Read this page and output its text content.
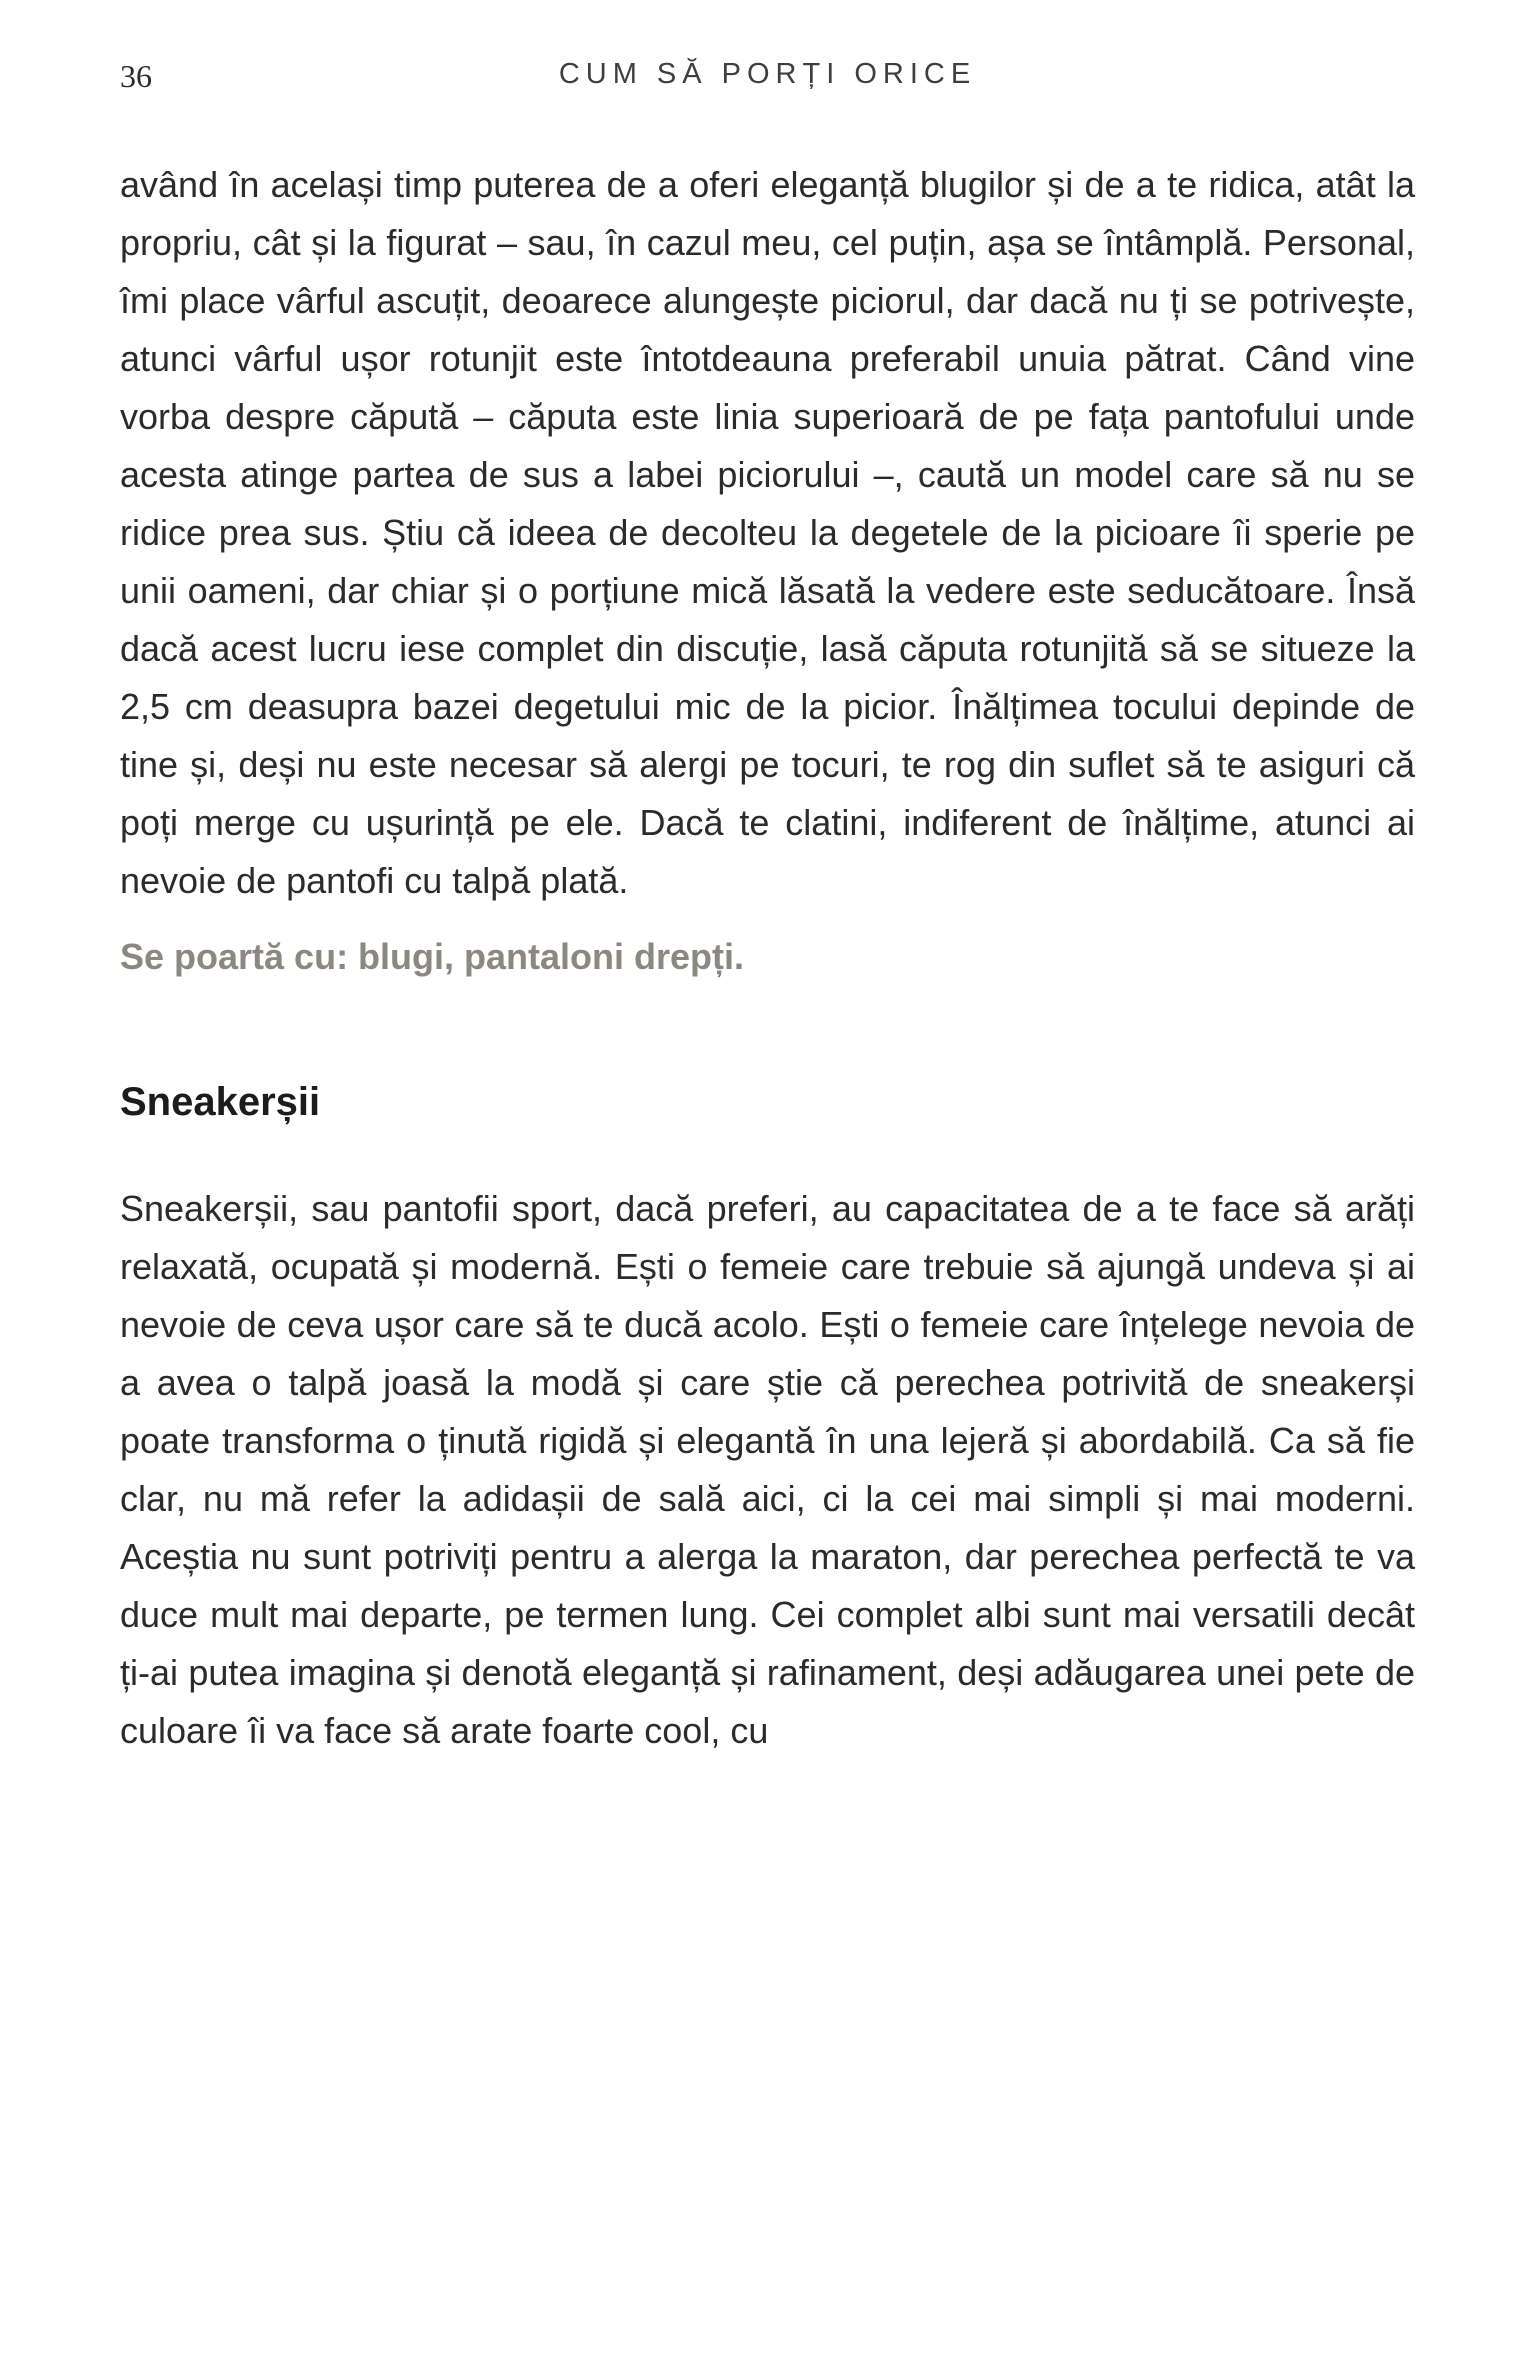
36	CUM SĂ PORȚI ORICE

având în același timp puterea de a oferi eleganță blugilor și de a te ridica, atât la propriu, cât și la figurat – sau, în cazul meu, cel puțin, așa se întâmplă. Personal, îmi place vârful ascuțit, deoarece alungește piciorul, dar dacă nu ți se potrivește, atunci vârful ușor rotunjit este întotdeauna preferabil unuia pătrat. Când vine vorba despre căpută – căputa este linia superioară de pe fața pantofului unde acesta atinge partea de sus a labei piciorului –, caută un model care să nu se ridice prea sus. Știu că ideea de decolteu la degetele de la picioare îi sperie pe unii oameni, dar chiar și o porțiune mică lăsată la vedere este seducătoare. Însă dacă acest lucru iese complet din discuție, lasă căputa rotunjită să se situeze la 2,5 cm deasupra bazei degetului mic de la picior. Înălțimea tocului depinde de tine și, deși nu este necesar să alergi pe tocuri, te rog din suflet să te asiguri că poți merge cu ușurință pe ele. Dacă te clatini, indiferent de înălțime, atunci ai nevoie de pantofi cu talpă plată.

Se poartă cu: blugi, pantaloni drepți.

Sneakerșii

Sneakerșii, sau pantofii sport, dacă preferi, au capacitatea de a te face să arăți relaxată, ocupată și modernă. Ești o femeie care trebuie să ajungă undeva și ai nevoie de ceva ușor care să te ducă acolo. Ești o femeie care înțelege nevoia de a avea o talpă joasă la modă și care știe că perechea potrivită de sneakerși poate transforma o ținută rigidă și elegantă în una lejeră și abordabilă. Ca să fie clar, nu mă refer la adidașii de sală aici, ci la cei mai simpli și mai moderni. Aceștia nu sunt potriviți pentru a alerga la maraton, dar perechea perfectă te va duce mult mai departe, pe termen lung. Cei complet albi sunt mai versatili decât ți-ai putea imagina și denotă eleganță și rafinament, deși adăugarea unei pete de culoare îi va face să arate foarte cool, cu
